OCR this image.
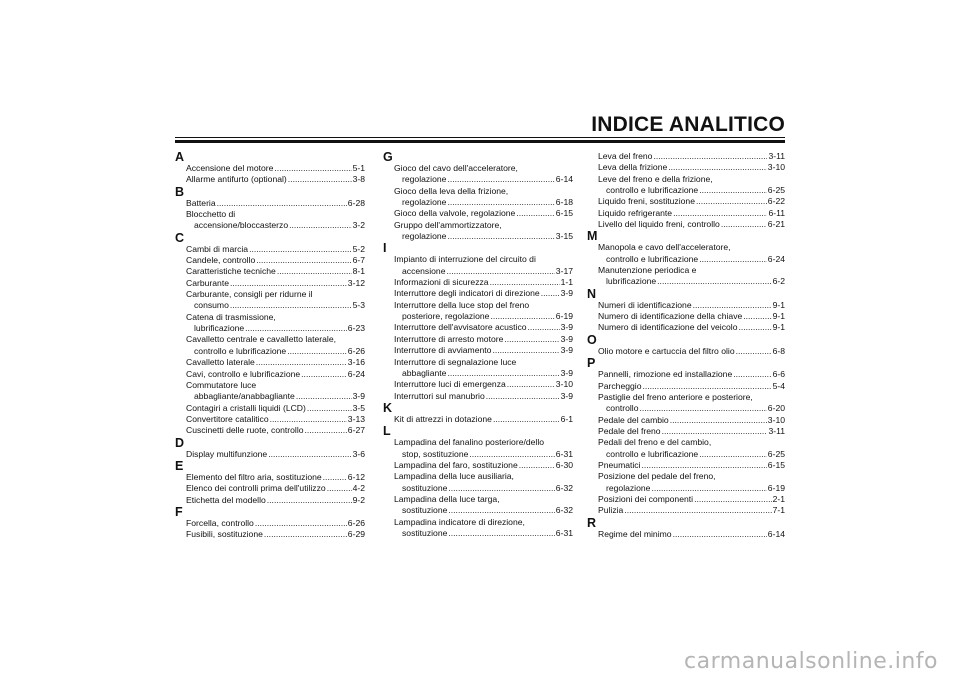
INDICE ANALITICO
A
Accensione del motore .....	5-1
Allarme antifurto (optional) .....	3-8
B
Batteria .....	6-28
Blocchetto di
accensione/bloccasterzo .....	3-2
C
Cambi di marcia .....	5-2
Candele, controllo .....	6-7
Caratteristiche tecniche .....	8-1
Carburante .....	3-12
Carburante, consigli per ridurne il
consumo .....	5-3
Catena di trasmissione,
lubrificazione .....	6-23
Cavalletto centrale e cavalletto laterale,
controllo e lubrificazione .....	6-26
Cavalletto laterale .....	3-16
Cavi, controllo e lubrificazione .....	6-24
Commutatore luce
abbagliante/anabbagliante .....	3-9
Contagiri a cristalli liquidi (LCD) .....	3-5
Convertitore catalitico .....	3-13
Cuscinetti delle ruote, controllo .....	6-27
D
Display multifunzione .....	3-6
E
Elemento del filtro aria, sostituzione .....	6-12
Elenco dei controlli prima dell'utilizzo .....	4-2
Etichetta del modello .....	9-2
F
Forcella, controllo .....	6-26
Fusibili, sostituzione .....	6-29
G
Gioco del cavo dell'acceleratore,
regolazione .....	6-14
Gioco della leva della frizione,
regolazione .....	6-18
Gioco della valvole, regolazione .....	6-15
Gruppo dell'ammortizzatore,
regolazione .....	3-15
I
Impianto di interruzione del circuito di
accensione .....	3-17
Informazioni di sicurezza .....	1-1
Interruttore degli indicatori di direzione ..... 3-9
Interruttore della luce stop del freno
posteriore, regolazione .....	6-19
Interruttore dell'avvisatore acustico .....	3-9
Interruttore di arresto motore .....	3-9
Interruttore di avviamento .....	3-9
Interruttore di segnalazione luce
abbagliante .....	3-9
Interruttore luci di emergenza .....	3-10
Interruttori sul manubrio .....	3-9
K
Kit di attrezzi in dotazione .....	6-1
L
Lampadina del fanalino posteriore/dello
stop, sostituzione .....	6-31
Lampadina del faro, sostituzione .....	6-30
Lampadina della luce ausiliaria,
sostituzione .....	6-32
Lampadina della luce targa,
sostituzione .....	6-32
Lampadina indicatore di direzione,
sostituzione .....	6-31
Leva del freno .....	3-11
Leva della frizione .....	3-10
Leve del freno e della frizione,
controllo e lubrificazione .....	6-25
Liquido freni, sostituzione .....	6-22
Liquido refrigerante .....	6-11
Livello del liquido freni, controllo .....	6-21
M
Manopola e cavo dell'acceleratore,
controllo e lubrificazione .....	6-24
Manutenzione periodica e
lubrificazione .....	6-2
N
Numeri di identificazione .....	9-1
Numero di identificazione della chiave .....	9-1
Numero di identificazione del veicolo .....	9-1
O
Olio motore e cartuccia del filtro olio .....	6-8
P
Pannelli, rimozione ed installazione .....	6-6
Parcheggio .....	5-4
Pastiglie del freno anteriore e posteriore,
controllo .....	6-20
Pedale del cambio .....	3-10
Pedale del freno .....	3-11
Pedali del freno e del cambio,
controllo e lubrificazione .....	6-25
Pneumatici .....	6-15
Posizione del pedale del freno,
regolazione .....	6-19
Posizioni dei componenti .....	2-1
Pulizia .....	7-1
R
Regime del minimo .....	6-14
carmanualsonline.info
